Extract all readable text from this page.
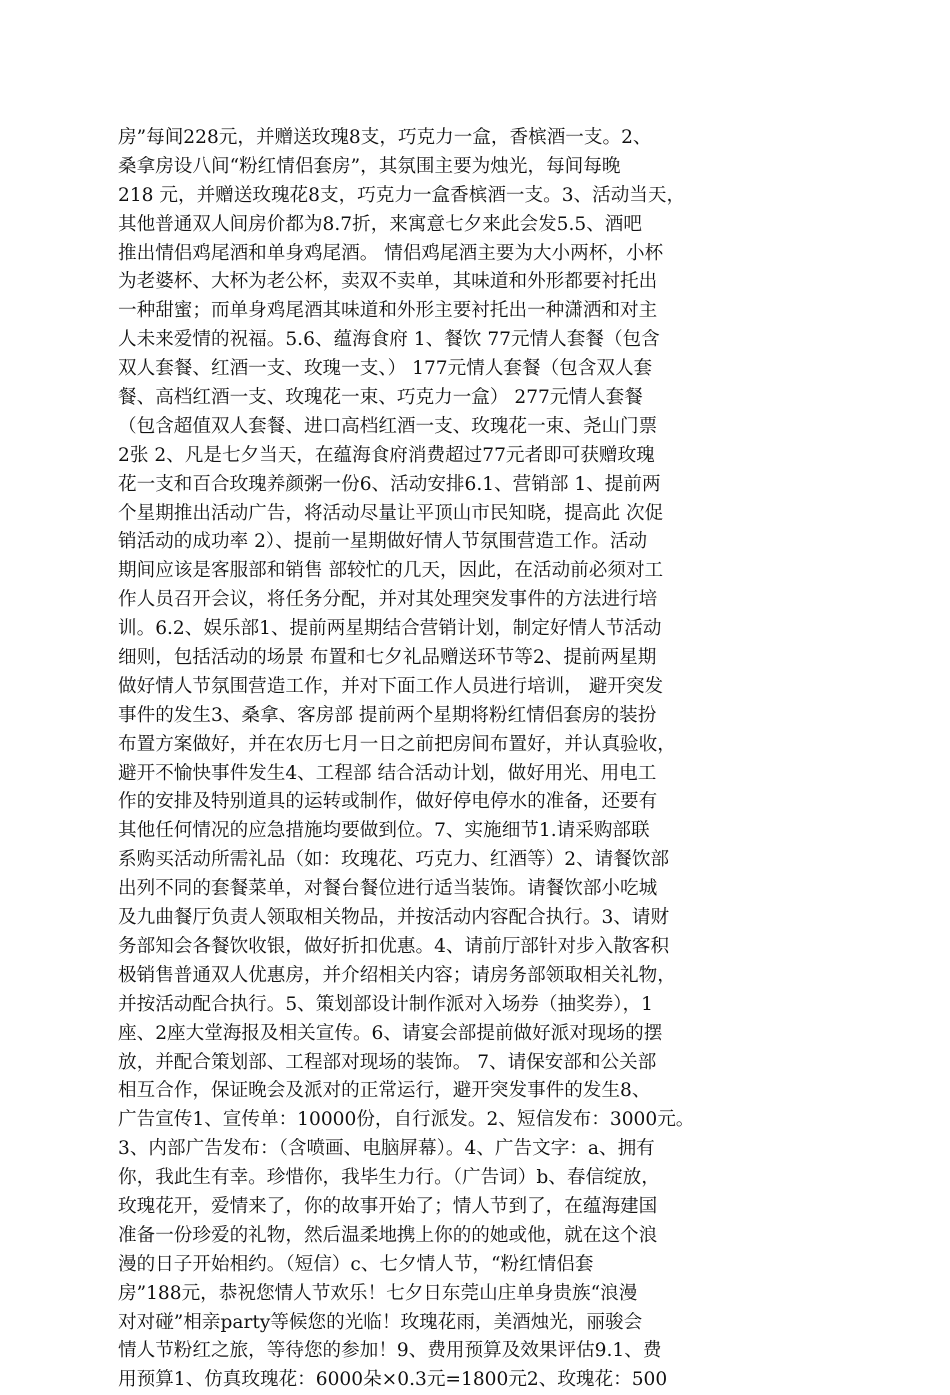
房”每间228元，并赠送玫瑰8支，巧克力一盒，香槟酒一支。2、
桑拿房设八间“粉红情侣套房”，其氛围主要为烛光，每间每晚
218 元，并赠送玫瑰花8支，巧克力一盒香槟酒一支。3、活动当天，
其他普通双人间房价都为8.7折，来寓意七夕来此会发5.5、酒吧
推出情侣鸡尾酒和单身鸡尾酒。 情侣鸡尾酒主要为大小两杯，小杯
为老婆杯、大杯为老公杯，卖双不卖单，其味道和外形都要衬托出
一种甜蜜；而单身鸡尾酒其味道和外形主要衬托出一种潇洒和对主
人未来爱情的祝福。5.6、蕴海食府 1、餐饮 77元情人套餐（包含
双人套餐、红酒一支、玫瑰一支、） 177元情人套餐（包含双人套
餐、高档红酒一支、玫瑰花一束、巧克力一盒） 277元情人套餐
（包含超值双人套餐、进口高档红酒一支、玫瑰花一束、尧山门票
2张 2、凡是七夕当天，在蕴海食府消费超过77元者即可获赠玫瑰
花一支和百合玫瑰养颜粥一份6、活动安排6.1、营销部 1、提前两
个星期推出活动广告，将活动尽量让平顶山市民知晓，提高此 次促
销活动的成功率 2）、提前一星期做好情人节氛围营造工作。活动
期间应该是客服部和销售 部较忙的几天，因此，在活动前必须对工
作人员召开会议，将任务分配，并对其处理突发事件的方法进行培
训。6.2、娱乐部1、提前两星期结合营销计划，制定好情人节活动
细则，包括活动的场景 布置和七夕礼品赠送环节等2、提前两星期
做好情人节氛围营造工作，并对下面工作人员进行培训， 避开突发
事件的发生3、桑拿、客房部 提前两个星期将粉红情侣套房的装扮
布置方案做好，并在农历七月一日之前把房间布置好，并认真验收，
避开不愉快事件发生4、工程部 结合活动计划，做好用光、用电工
作的安排及特别道具的运转或制作，做好停电停水的准备，还要有
其他任何情况的应急措施均要做到位。7、实施细节1.请采购部联
系购买活动所需礼品（如：玫瑰花、巧克力、红酒等）2、请餐饮部
出列不同的套餐菜单，对餐台餐位进行适当装饰。请餐饮部小吃城
及九曲餐厅负责人领取相关物品，并按活动内容配合执行。3、请财
务部知会各餐饮收银，做好折扣优惠。4、请前厅部针对步入散客积
极销售普通双人优惠房，并介绍相关内容；请房务部领取相关礼物，
并按活动配合执行。5、策划部设计制作派对入场券（抽奖券），1
座、2座大堂海报及相关宣传。6、请宴会部提前做好派对现场的摆
放，并配合策划部、工程部对现场的装饰。 7、请保安部和公关部
相互合作，保证晚会及派对的正常运行，避开突发事件的发生8、
广告宣传1、宣传单：10000份，自行派发。2、短信发布：3000元。
3、内部广告发布：（含喷画、电脑屏幕）。4、广告文字：a、拥有
你，我此生有幸。珍惜你，我毕生力行。（广告词）b、春信绽放，
玫瑰花开，爱情来了，你的故事开始了；情人节到了，在蕴海建国
准备一份珍爱的礼物，然后温柔地携上你的的她或他，就在这个浪
漫的日子开始相约。（短信）c、七夕情人节，“粉红情侣套
房”188元，恭祝您情人节欢乐！七夕日东莞山庄单身贵族“浪漫
对对碰”相亲party等候您的光临！玫瑰花雨，美酒烛光，丽骏会
情人节粉红之旅，等待您的参加！9、费用预算及效果评估9.1、费
用预算1、仿真玫瑰花：6000朵×0.3元=1800元2、玫瑰花：500
